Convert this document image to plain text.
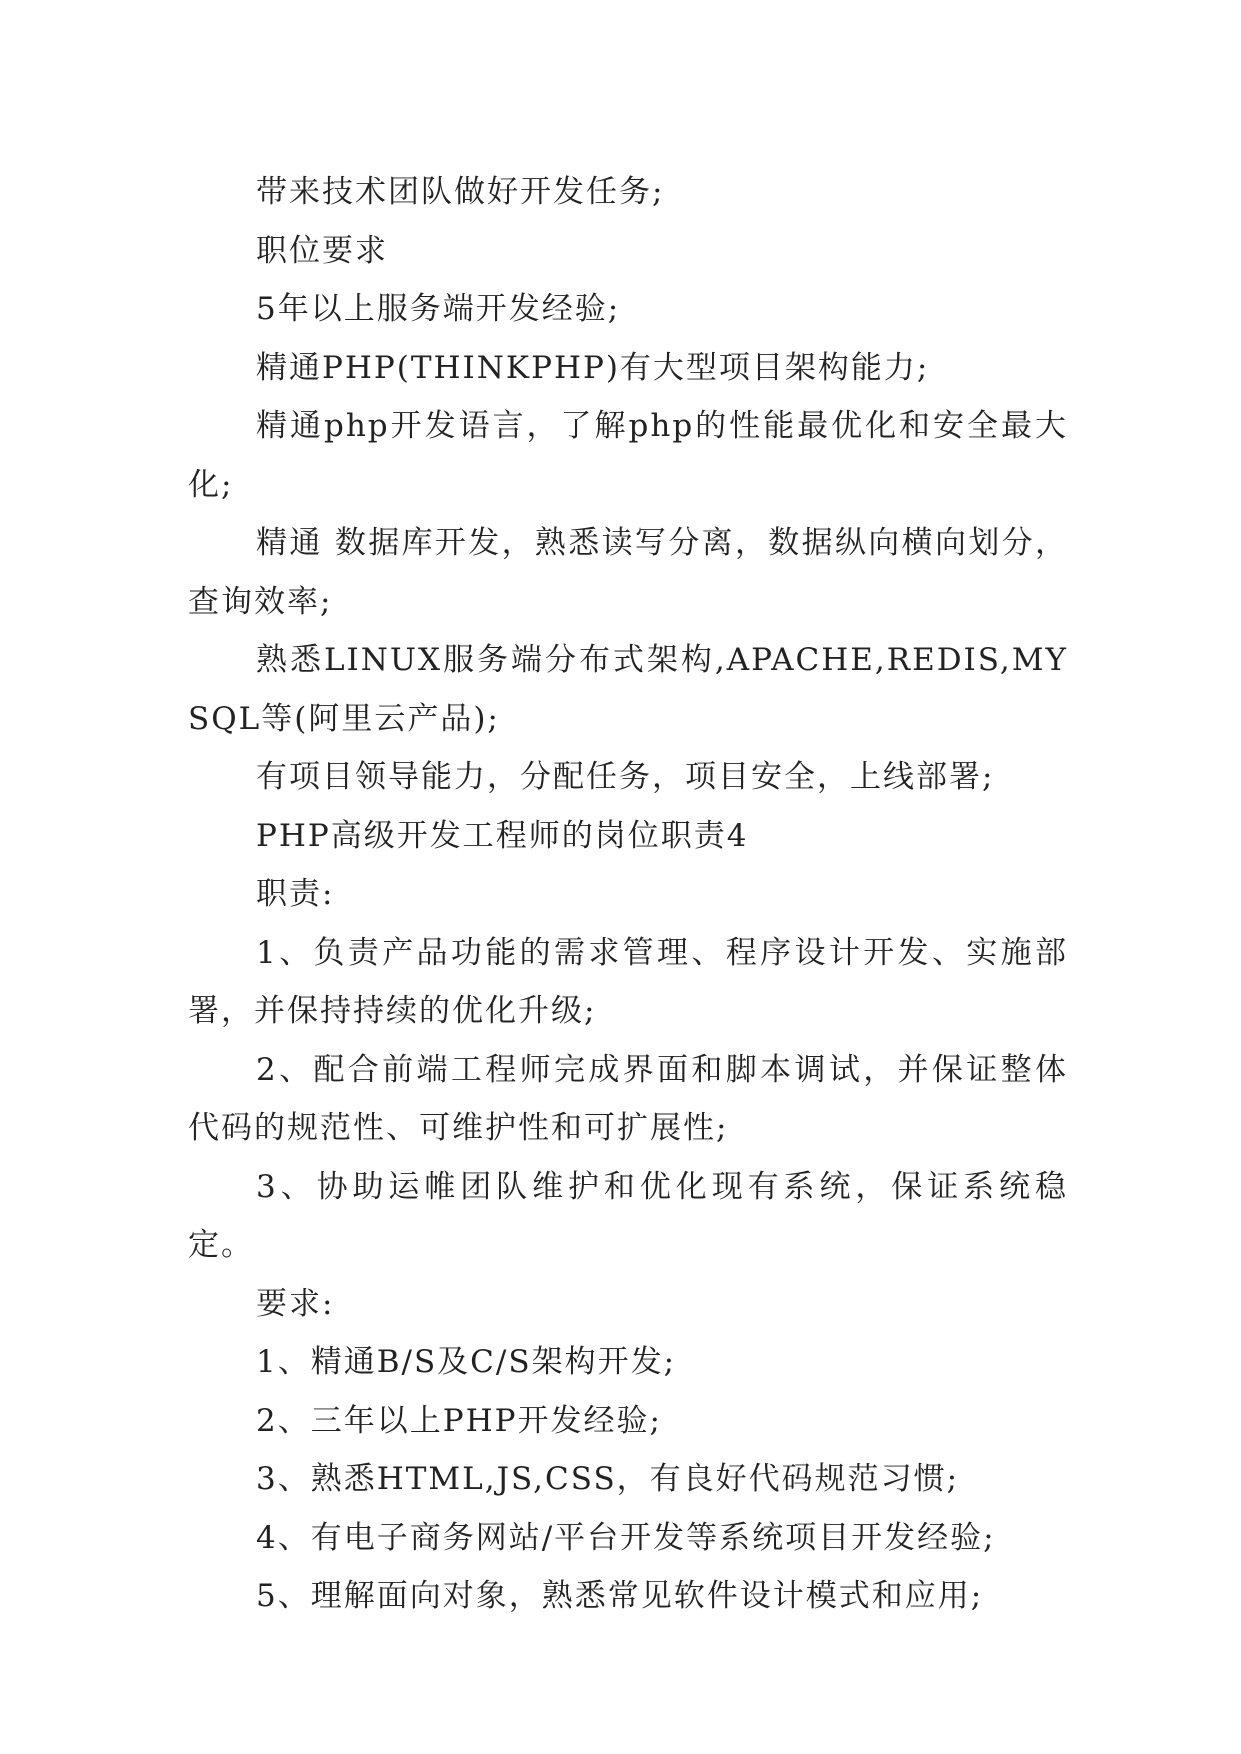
带来技术团队做好开发任务;

职位要求

5年以上服务端开发经验;

精通PHP(THINKPHP)有大型项目架构能力;

精通php开发语言，了解php的性能最优化和安全最大化;

精通 数据库开发，熟悉读写分离，数据纵向横向划分，查询效率;

熟悉LINUX服务端分布式架构,APACHE,REDIS,MYSQL等(阿里云产品);

有项目领导能力，分配任务，项目安全，上线部署;

PHP高级开发工程师的岗位职责4

职责:

1、负责产品功能的需求管理、程序设计开发、实施部署，并保持持续的优化升级;

2、配合前端工程师完成界面和脚本调试，并保证整体代码的规范性、可维护性和可扩展性;

3、协助运帷团队维护和优化现有系统，保证系统稳定。

要求:

1、精通B/S及C/S架构开发;

2、三年以上PHP开发经验;

3、熟悉HTML,JS,CSS，有良好代码规范习惯;

4、有电子商务网站/平台开发等系统项目开发经验;

5、理解面向对象，熟悉常见软件设计模式和应用;
